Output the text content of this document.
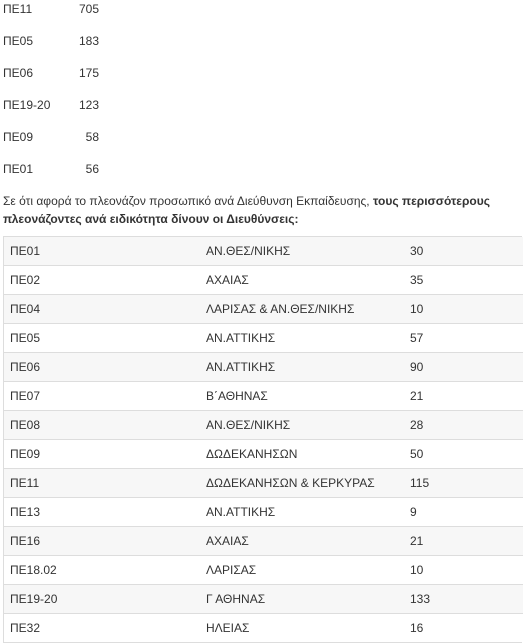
ΠΕ11	705
ΠΕ05	183
ΠΕ06	175
ΠΕ19-20 123
ΠΕ09	58
ΠΕ01	56

Σε ότι αφορά το πλεονάζον προσωπικό ανά Διεύθυνση Εκπαίδευσης, τους περισσότερους πλεονάζοντες ανά ειδικότητα δίνουν οι Διευθύνσεις:

ΠΕ01	ΑΝ.ΘΕΣ/ΝΙΚΗΣ	30
ΠΕ02	ΑΧΑΙΑΣ	35
ΠΕ04	ΛΑΡΙΣΑΣ & ΑΝ.ΘΕΣ/ΝΙΚΗΣ	10
ΠΕ05	ΑΝ.ΑΤΤΙΚΗΣ	57
ΠΕ06	ΑΝ.ΑΤΤΙΚΗΣ	90
ΠΕ07	Β΄ΑΘΗΝΑΣ	21
ΠΕ08	ΑΝ.ΘΕΣ/ΝΙΚΗΣ	28
ΠΕ09	ΔΩΔΕΚΑΝΗΣΩΝ	50
ΠΕ11	ΔΩΔΕΚΑΝΗΣΩΝ & ΚΕΡΚΥΡΑΣ	115
ΠΕ13	ΑΝ.ΑΤΤΙΚΗΣ	9
ΠΕ16	ΑΧΑΙΑΣ	21
ΠΕ18.02	ΛΑΡΙΣΑΣ	10
ΠΕ19-20	Γ ΑΘΗΝΑΣ	133
ΠΕ32	ΗΛΕΙΑΣ	16
